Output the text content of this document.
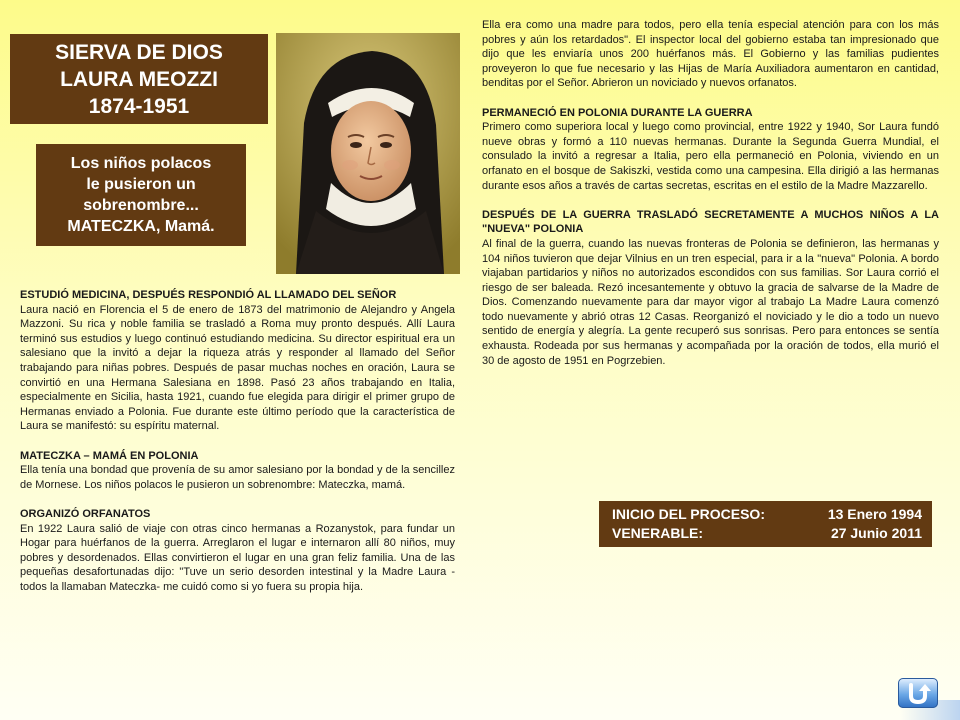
SIERVA DE DIOS
LAURA MEOZZI
1874-1951
Los niños polacos
le pusieron un
sobrenombre...
MATECZKA, Mamá.
ESTUDIÓ MEDICINA, DESPUÉS RESPONDIÓ AL LLAMADO DEL SEÑOR
Laura nació en Florencia el 5 de enero de 1873 del matrimonio de Alejandro y Angela Mazzoni. Su rica y noble familia se trasladó a Roma muy pronto después. Allí Laura terminó sus estudios y luego continuó estudiando medicina. Su director espiritual era un salesiano que la invitó a dejar la riqueza atrás y responder al llamado del Señor trabajando para niñas pobres. Después de pasar muchas noches en oración, Laura se convirtió en una Hermana Salesiana en 1898. Pasó 23 años trabajando en Italia, especialmente en Sicilia, hasta 1921, cuando fue elegida para dirigir el primer grupo de Hermanas enviado a Polonia. Fue durante este último período que la característica de Laura se manifestó: su espíritu maternal.
MATECZKA – MAMÁ EN POLONIA
Ella tenía una bondad que provenía de su amor salesiano por la bondad y de la sencillez de Mornese. Los niños polacos le pusieron un sobrenombre: Mateczka, mamá.
ORGANIZÓ ORFANATOS
En 1922 Laura salió de viaje con otras cinco hermanas a Rozanystok, para fundar un Hogar para huérfanos de la guerra. Arreglaron el lugar e internaron allí 80 niños, muy pobres y desordenados. Ellas convirtieron el lugar en una gran feliz familia. Una de las pequeñas desafortunadas dijo: "Tuve un serio desorden intestinal y la Madre Laura -todos la llamaban Mateczka- me cuidó como si yo fuera su propia hija.
Ella era como una madre para todos, pero ella tenía especial atención para con los más pobres y aún los retardados". El inspector local del gobierno estaba tan impresionado que dijo que les enviaría unos 200 huérfanos más. El Gobierno y las familias pudientes proveyeron lo que fue necesario y las Hijas de María Auxiliadora aumentaron en cantidad, benditas por el Señor. Abrieron un noviciado y nuevos orfanatos.
PERMANECIÓ EN POLONIA DURANTE LA GUERRA
Primero como superiora local y luego como provincial, entre 1922 y 1940, Sor Laura fundó nueve obras y formó a 110 nuevas hermanas. Durante la Segunda Guerra Mundial, el consulado la invitó a regresar a Italia, pero ella permaneció en Polonia, viviendo en un orfanato en el bosque de Sakiszki, vestida como una campesina. Ella dirigió a las hermanas durante esos años a través de cartas secretas, escritas en el estilo de la Madre Mazzarello.
DESPUÉS DE LA GUERRA TRASLADÓ SECRETAMENTE A MUCHOS NIÑOS A LA "NUEVA" POLONIA
Al final de la guerra, cuando las nuevas fronteras de Polonia se definieron, las hermanas y 104 niños tuvieron que dejar Vilnius en un tren especial, para ir a la "nueva" Polonia. A bordo viajaban partidarios y niños no autorizados escondidos con sus familias. Sor Laura corrió el riesgo de ser baleada. Rezó incesantemente y obtuvo la gracia de salvarse de la Madre de Dios. Comenzando nuevamente para dar mayor vigor al trabajo La Madre Laura comenzó todo nuevamente y abrió otras 12 Casas. Reorganizó el noviciado y le dio a todo un nuevo sentido de energía y alegría. La gente recuperó sus sonrisas. Pero para entonces se sentía exhausta. Rodeada por sus hermanas y acompañada por la oración de todos, ella murió el 30 de agosto de 1951 en Pogrzebien.
INICIO DEL PROCESO:	13 Enero 1994
VENERABLE:	27 Junio 2011
